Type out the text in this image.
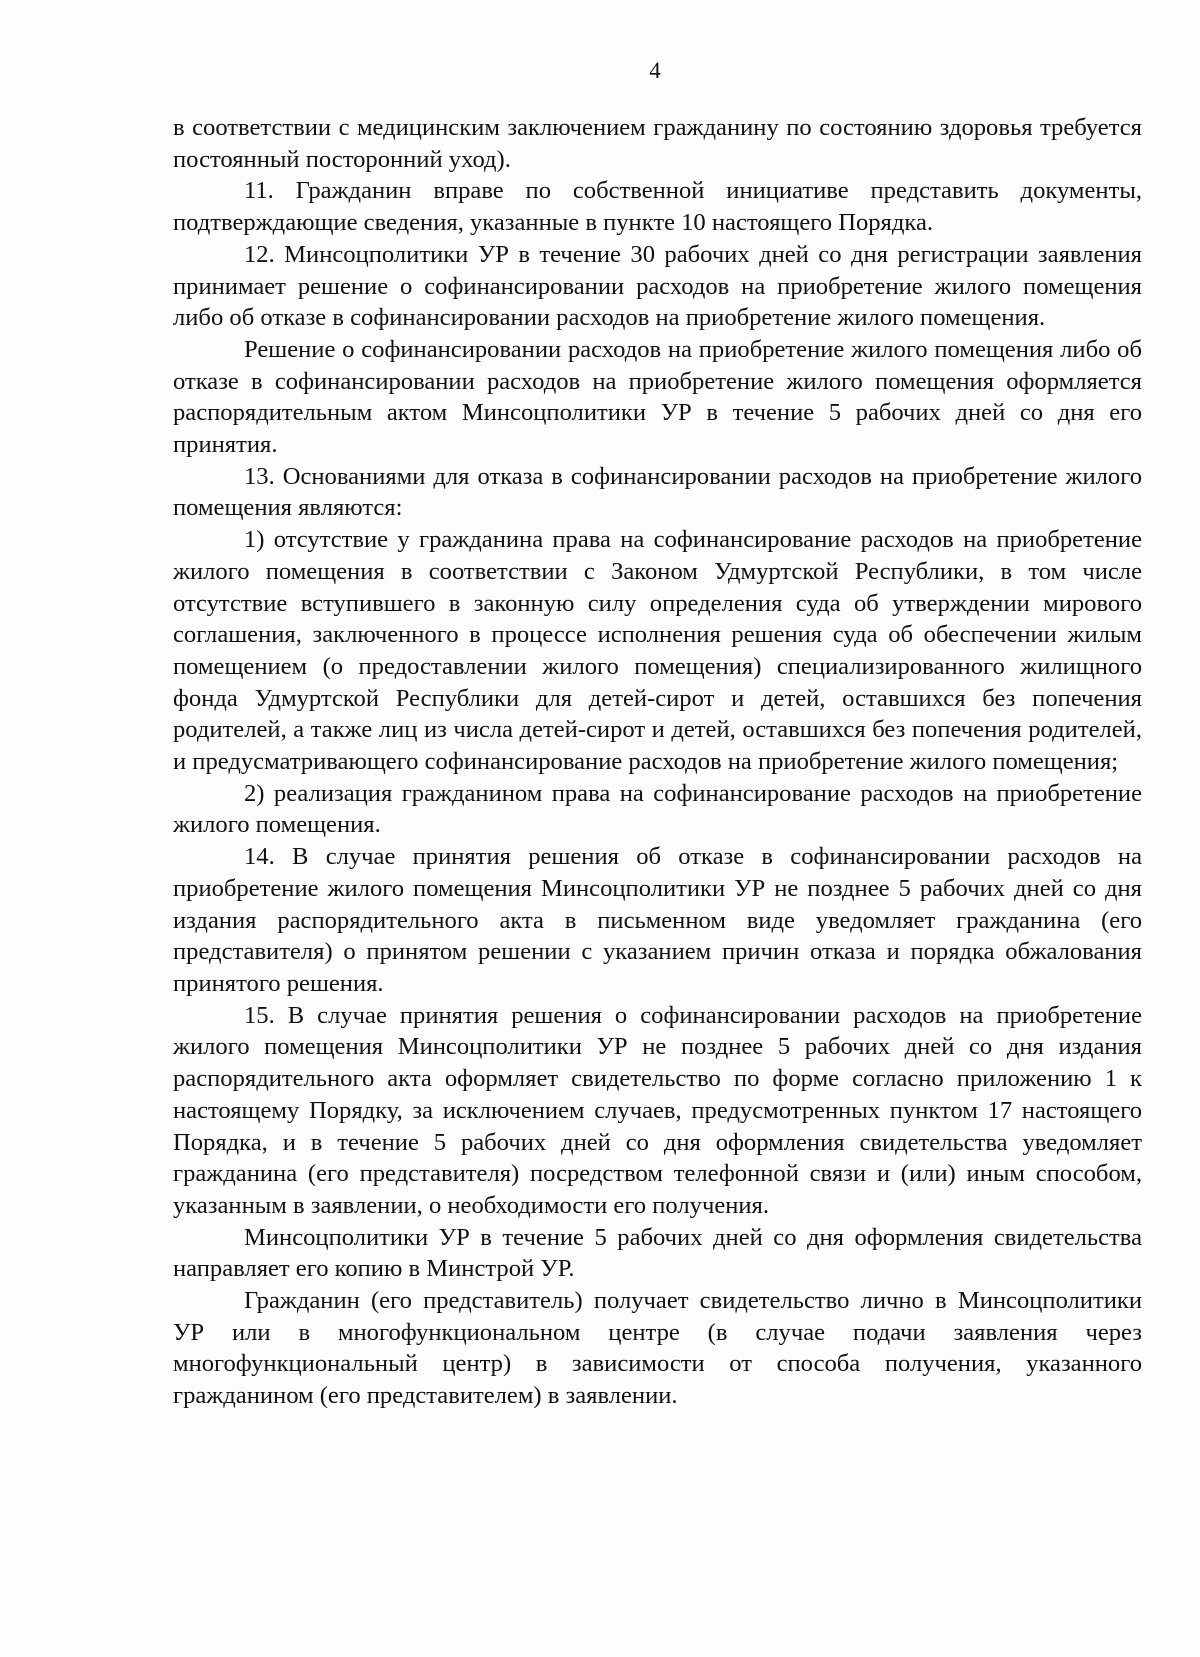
4

в соответствии с медицинским заключением гражданину по состоянию здоровья требуется постоянный посторонний уход).

11. Гражданин вправе по собственной инициативе представить документы, подтверждающие сведения, указанные в пункте 10 настоящего Порядка.

12. Минсоцполитики УР в течение 30 рабочих дней со дня регистрации заявления принимает решение о софинансировании расходов на приобретение жилого помещения либо об отказе в софинансировании расходов на приобретение жилого помещения.

Решение о софинансировании расходов на приобретение жилого помещения либо об отказе в софинансировании расходов на приобретение жилого помещения оформляется распорядительным актом Минсоцполитики УР в течение 5 рабочих дней со дня его принятия.

13. Основаниями для отказа в софинансировании расходов на приобретение жилого помещения являются:

1) отсутствие у гражданина права на софинансирование расходов на приобретение жилого помещения в соответствии с Законом Удмуртской Республики, в том числе отсутствие вступившего в законную силу определения суда об утверждении мирового соглашения, заключенного в процессе исполнения решения суда об обеспечении жилым помещением (о предоставлении жилого помещения) специализированного жилищного фонда Удмуртской Республики для детей-сирот и детей, оставшихся без попечения родителей, а также лиц из числа детей-сирот и детей, оставшихся без попечения родителей, и предусматривающего софинансирование расходов на приобретение жилого помещения;

2) реализация гражданином права на софинансирование расходов на приобретение жилого помещения.

14. В случае принятия решения об отказе в софинансировании расходов на приобретение жилого помещения Минсоцполитики УР не позднее 5 рабочих дней со дня издания распорядительного акта в письменном виде уведомляет гражданина (его представителя) о принятом решении с указанием причин отказа и порядка обжалования принятого решения.

15. В случае принятия решения о софинансировании расходов на приобретение жилого помещения Минсоцполитики УР не позднее 5 рабочих дней со дня издания распорядительного акта оформляет свидетельство по форме согласно приложению 1 к настоящему Порядку, за исключением случаев, предусмотренных пунктом 17 настоящего Порядка, и в течение 5 рабочих дней со дня оформления свидетельства уведомляет гражданина (его представителя) посредством телефонной связи и (или) иным способом, указанным в заявлении, о необходимости его получения.

Минсоцполитики УР в течение 5 рабочих дней со дня оформления свидетельства направляет его копию в Минстрой УР.

Гражданин (его представитель) получает свидетельство лично в Минсоцполитики УР или в многофункциональном центре (в случае подачи заявления через многофункциональный центр) в зависимости от способа получения, указанного гражданином (его представителем) в заявлении.
